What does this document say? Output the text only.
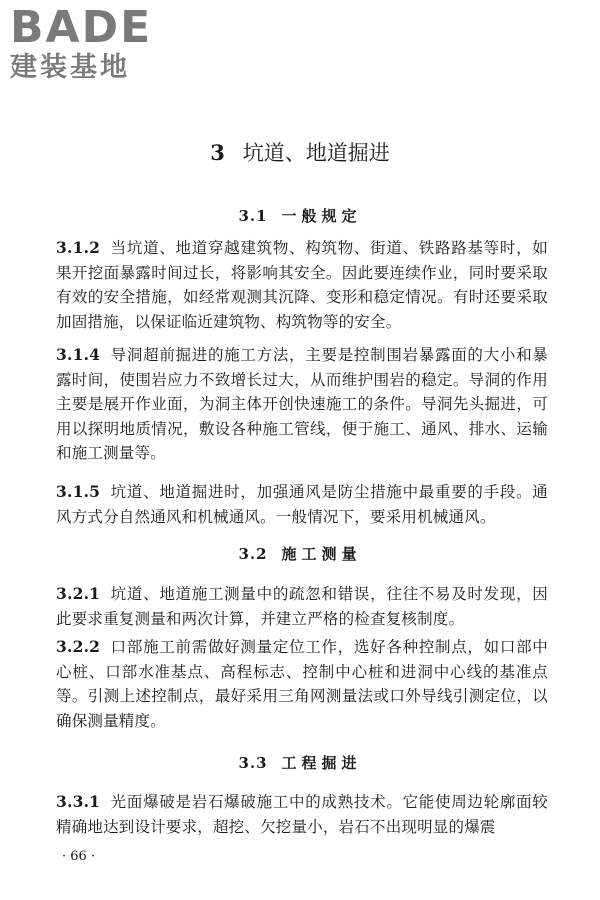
BADE
建装基地
3 坑道、地道掘进
3.1 一般规定
3.1.2 当坑道、地道穿越建筑物、构筑物、街道、铁路路基等时，如果开挖面暴露时间过长，将影响其安全。因此要连续作业，同时要采取有效的安全措施，如经常观测其沉降、变形和稳定情况。有时还要采取加固措施，以保证临近建筑物、构筑物等的安全。
3.1.4 导洞超前掘进的施工方法，主要是控制围岩暴露面的大小和暴露时间，使围岩应力不致增长过大，从而维护围岩的稳定。导洞的作用主要是展开作业面，为洞主体开创快速施工的条件。导洞先头掘进，可用以探明地质情况，敷设各种施工管线，便于施工、通风、排水、运输和施工测量等。
3.1.5 坑道、地道掘进时，加强通风是防尘措施中最重要的手段。通风方式分自然通风和机械通风。一般情况下，要采用机械通风。
3.2 施工测量
3.2.1 坑道、地道施工测量中的疏忽和错误，往往不易及时发现，因此要求重复测量和两次计算，并建立严格的检查复核制度。
3.2.2 口部施工前需做好测量定位工作，选好各种控制点，如口部中心桩、口部水准基点、高程标志、控制中心桩和进洞中心线的基准点等。引测上述控制点，最好采用三角网测量法或口外导线引测定位，以确保测量精度。
3.3 工程掘进
3.3.1 光面爆破是岩石爆破施工中的成熟技术。它能使周边轮廓面较精确地达到设计要求，超挖、欠挖量小，岩石不出现明显的爆震
· 66 ·
